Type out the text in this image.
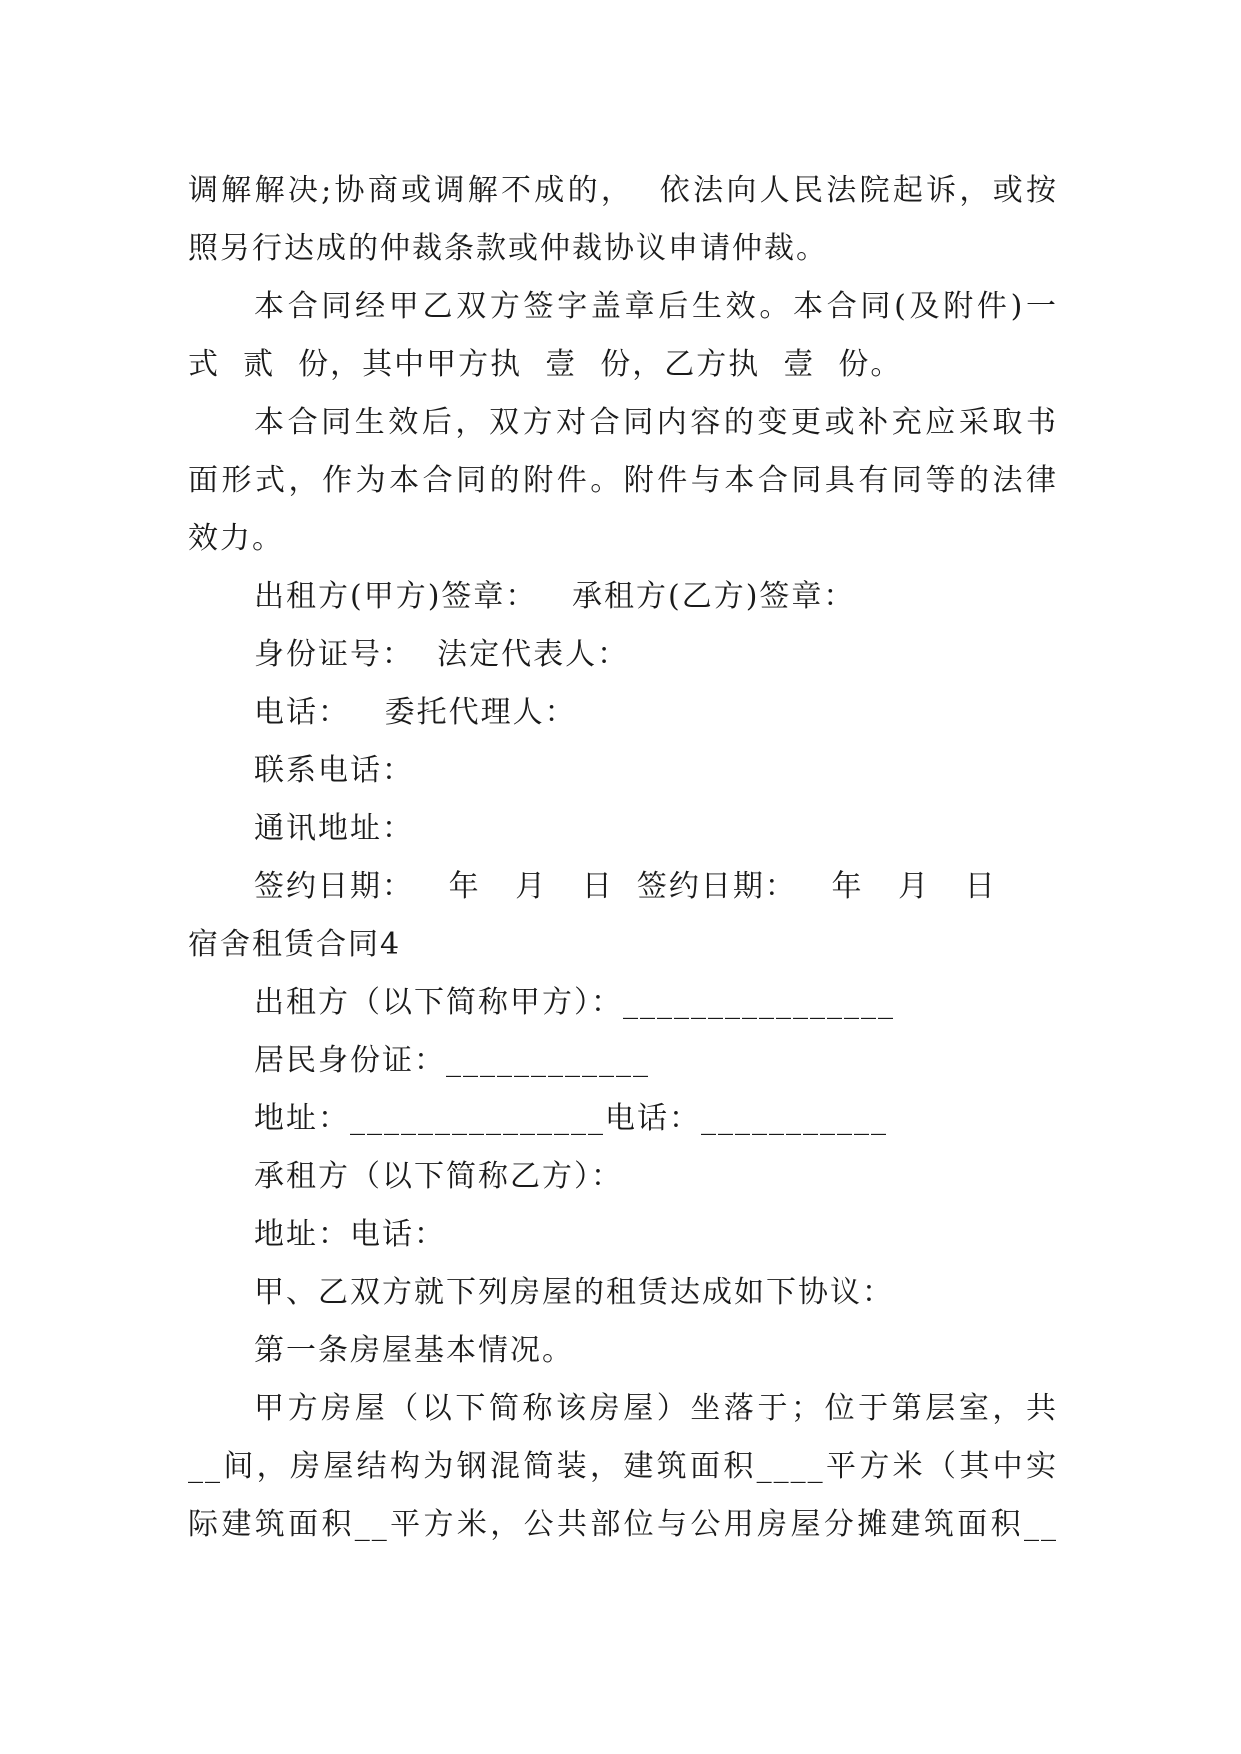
调解解决;协商或调解不成的，  依法向人民法院起诉，或按
照另行达成的仲裁条款或仲裁协议申请仲裁。
本合同经甲乙双方签字盖章后生效。本合同(及附件)一
式  贰  份，其中甲方执  壹  份，乙方执  壹  份。
本合同生效后，双方对合同内容的变更或补充应采取书
面形式，作为本合同的附件。附件与本合同具有同等的法律
效力。
出租方(甲方)签章：   承租方(乙方)签章：
身份证号：  法定代表人：
电话：   委托代理人：
联系电话：
通讯地址：
签约日期：   年   月   日  签约日期：   年   月   日
宿舍租赁合同4
出租方（以下简称甲方）：________________
居民身份证：____________
地址：_______________电话：___________
承租方（以下简称乙方）：
地址：电话：
甲、乙双方就下列房屋的租赁达成如下协议：
第一条房屋基本情况。
甲方房屋（以下简称该房屋）坐落于；位于第层室，共
__间，房屋结构为钢混简装，建筑面积____平方米（其中实
际建筑面积__平方米，公共部位与公用房屋分摊建筑面积__
